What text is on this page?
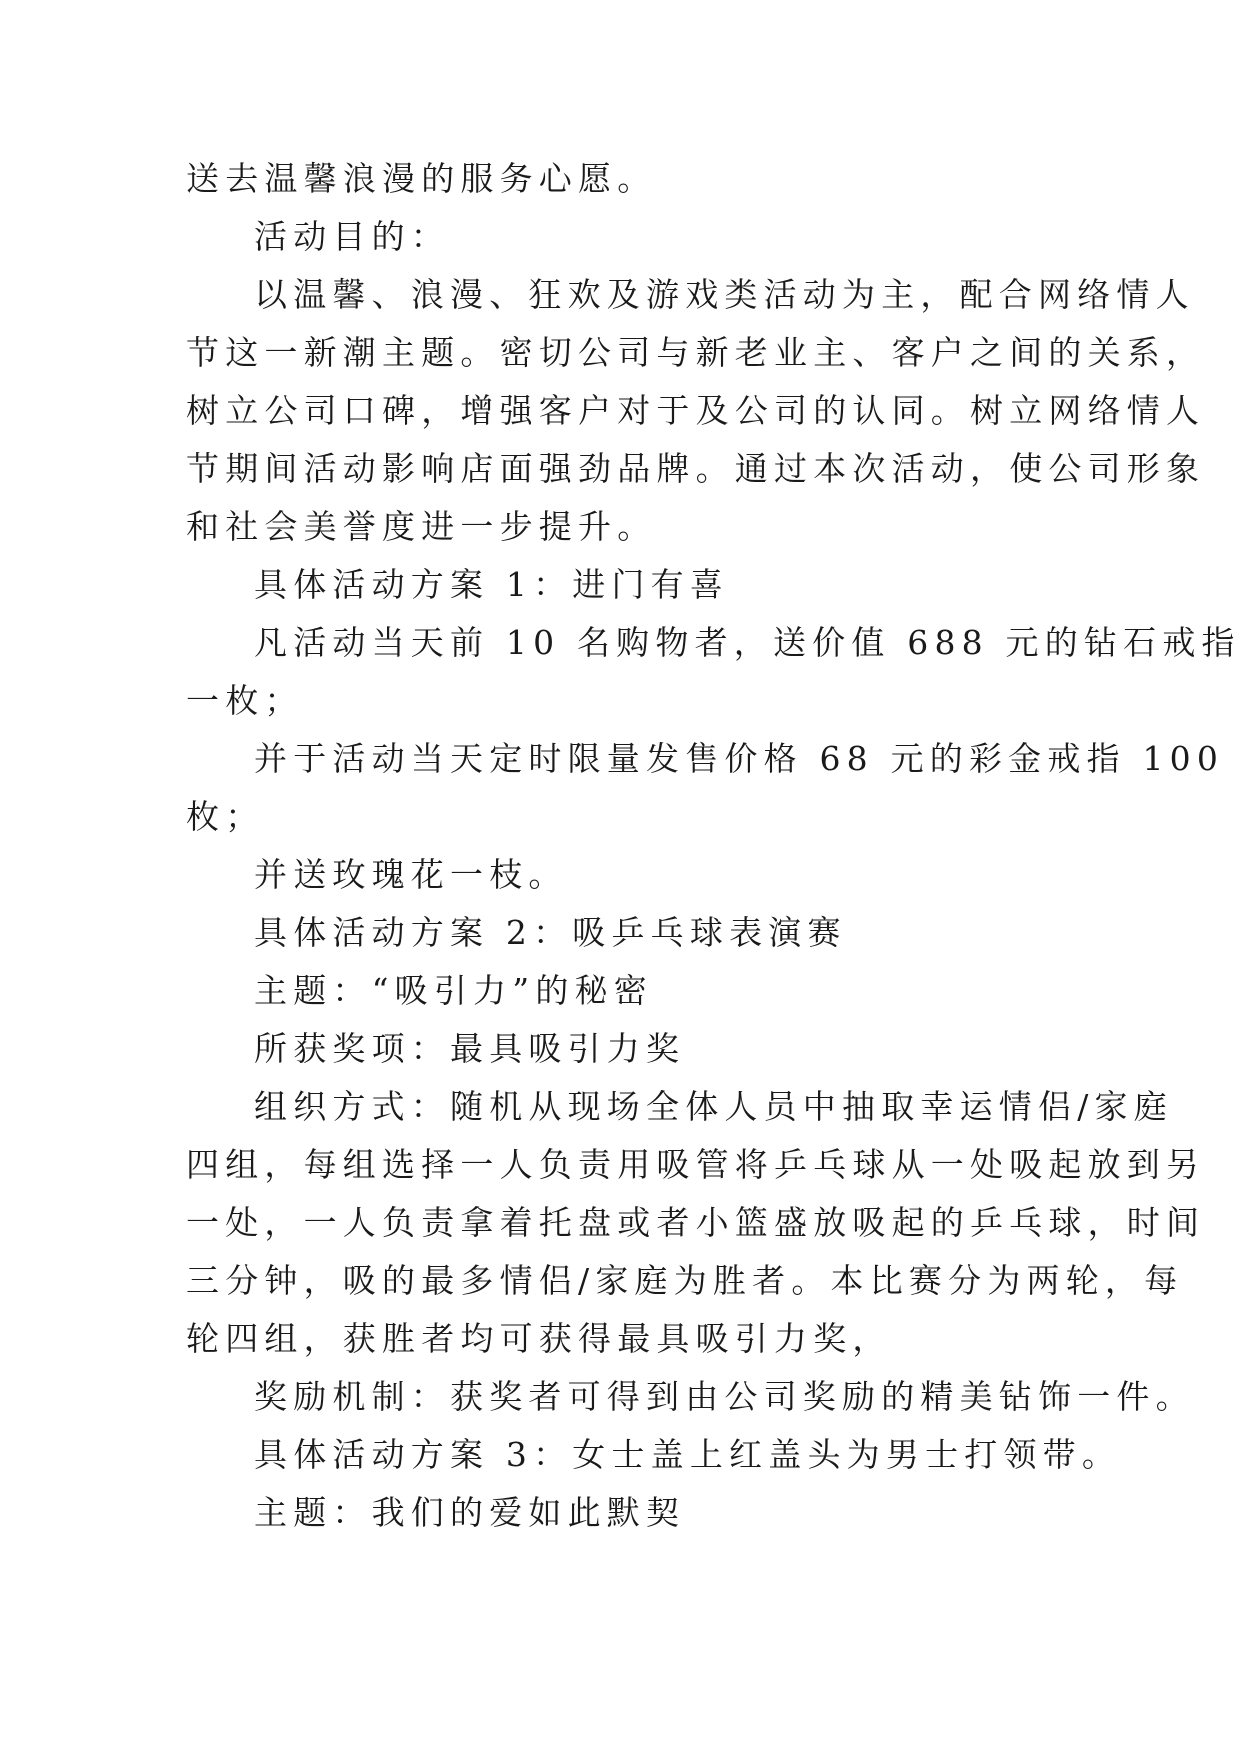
送去温馨浪漫的服务心愿。
活动目的：
以温馨、浪漫、狂欢及游戏类活动为主，配合网络情人
节这一新潮主题。密切公司与新老业主、客户之间的关系，
树立公司口碑，增强客户对于及公司的认同。树立网络情人
节期间活动影响店面强劲品牌。通过本次活动，使公司形象
和社会美誉度进一步提升。
具体活动方案 1：进门有喜
凡活动当天前 10 名购物者，送价值 688 元的钻石戒指
一枚；
并于活动当天定时限量发售价格 68 元的彩金戒指 100
枚；
并送玫瑰花一枝。
具体活动方案 2：吸乒乓球表演赛
主题：“吸引力”的秘密
所获奖项：最具吸引力奖
组织方式：随机从现场全体人员中抽取幸运情侣/家庭
四组，每组选择一人负责用吸管将乒乓球从一处吸起放到另
一处，一人负责拿着托盘或者小篮盛放吸起的乒乓球，时间
三分钟，吸的最多情侣/家庭为胜者。本比赛分为两轮，每
轮四组，获胜者均可获得最具吸引力奖，
奖励机制：获奖者可得到由公司奖励的精美钻饰一件。
具体活动方案 3：女士盖上红盖头为男士打领带。
主题：我们的爱如此默契
